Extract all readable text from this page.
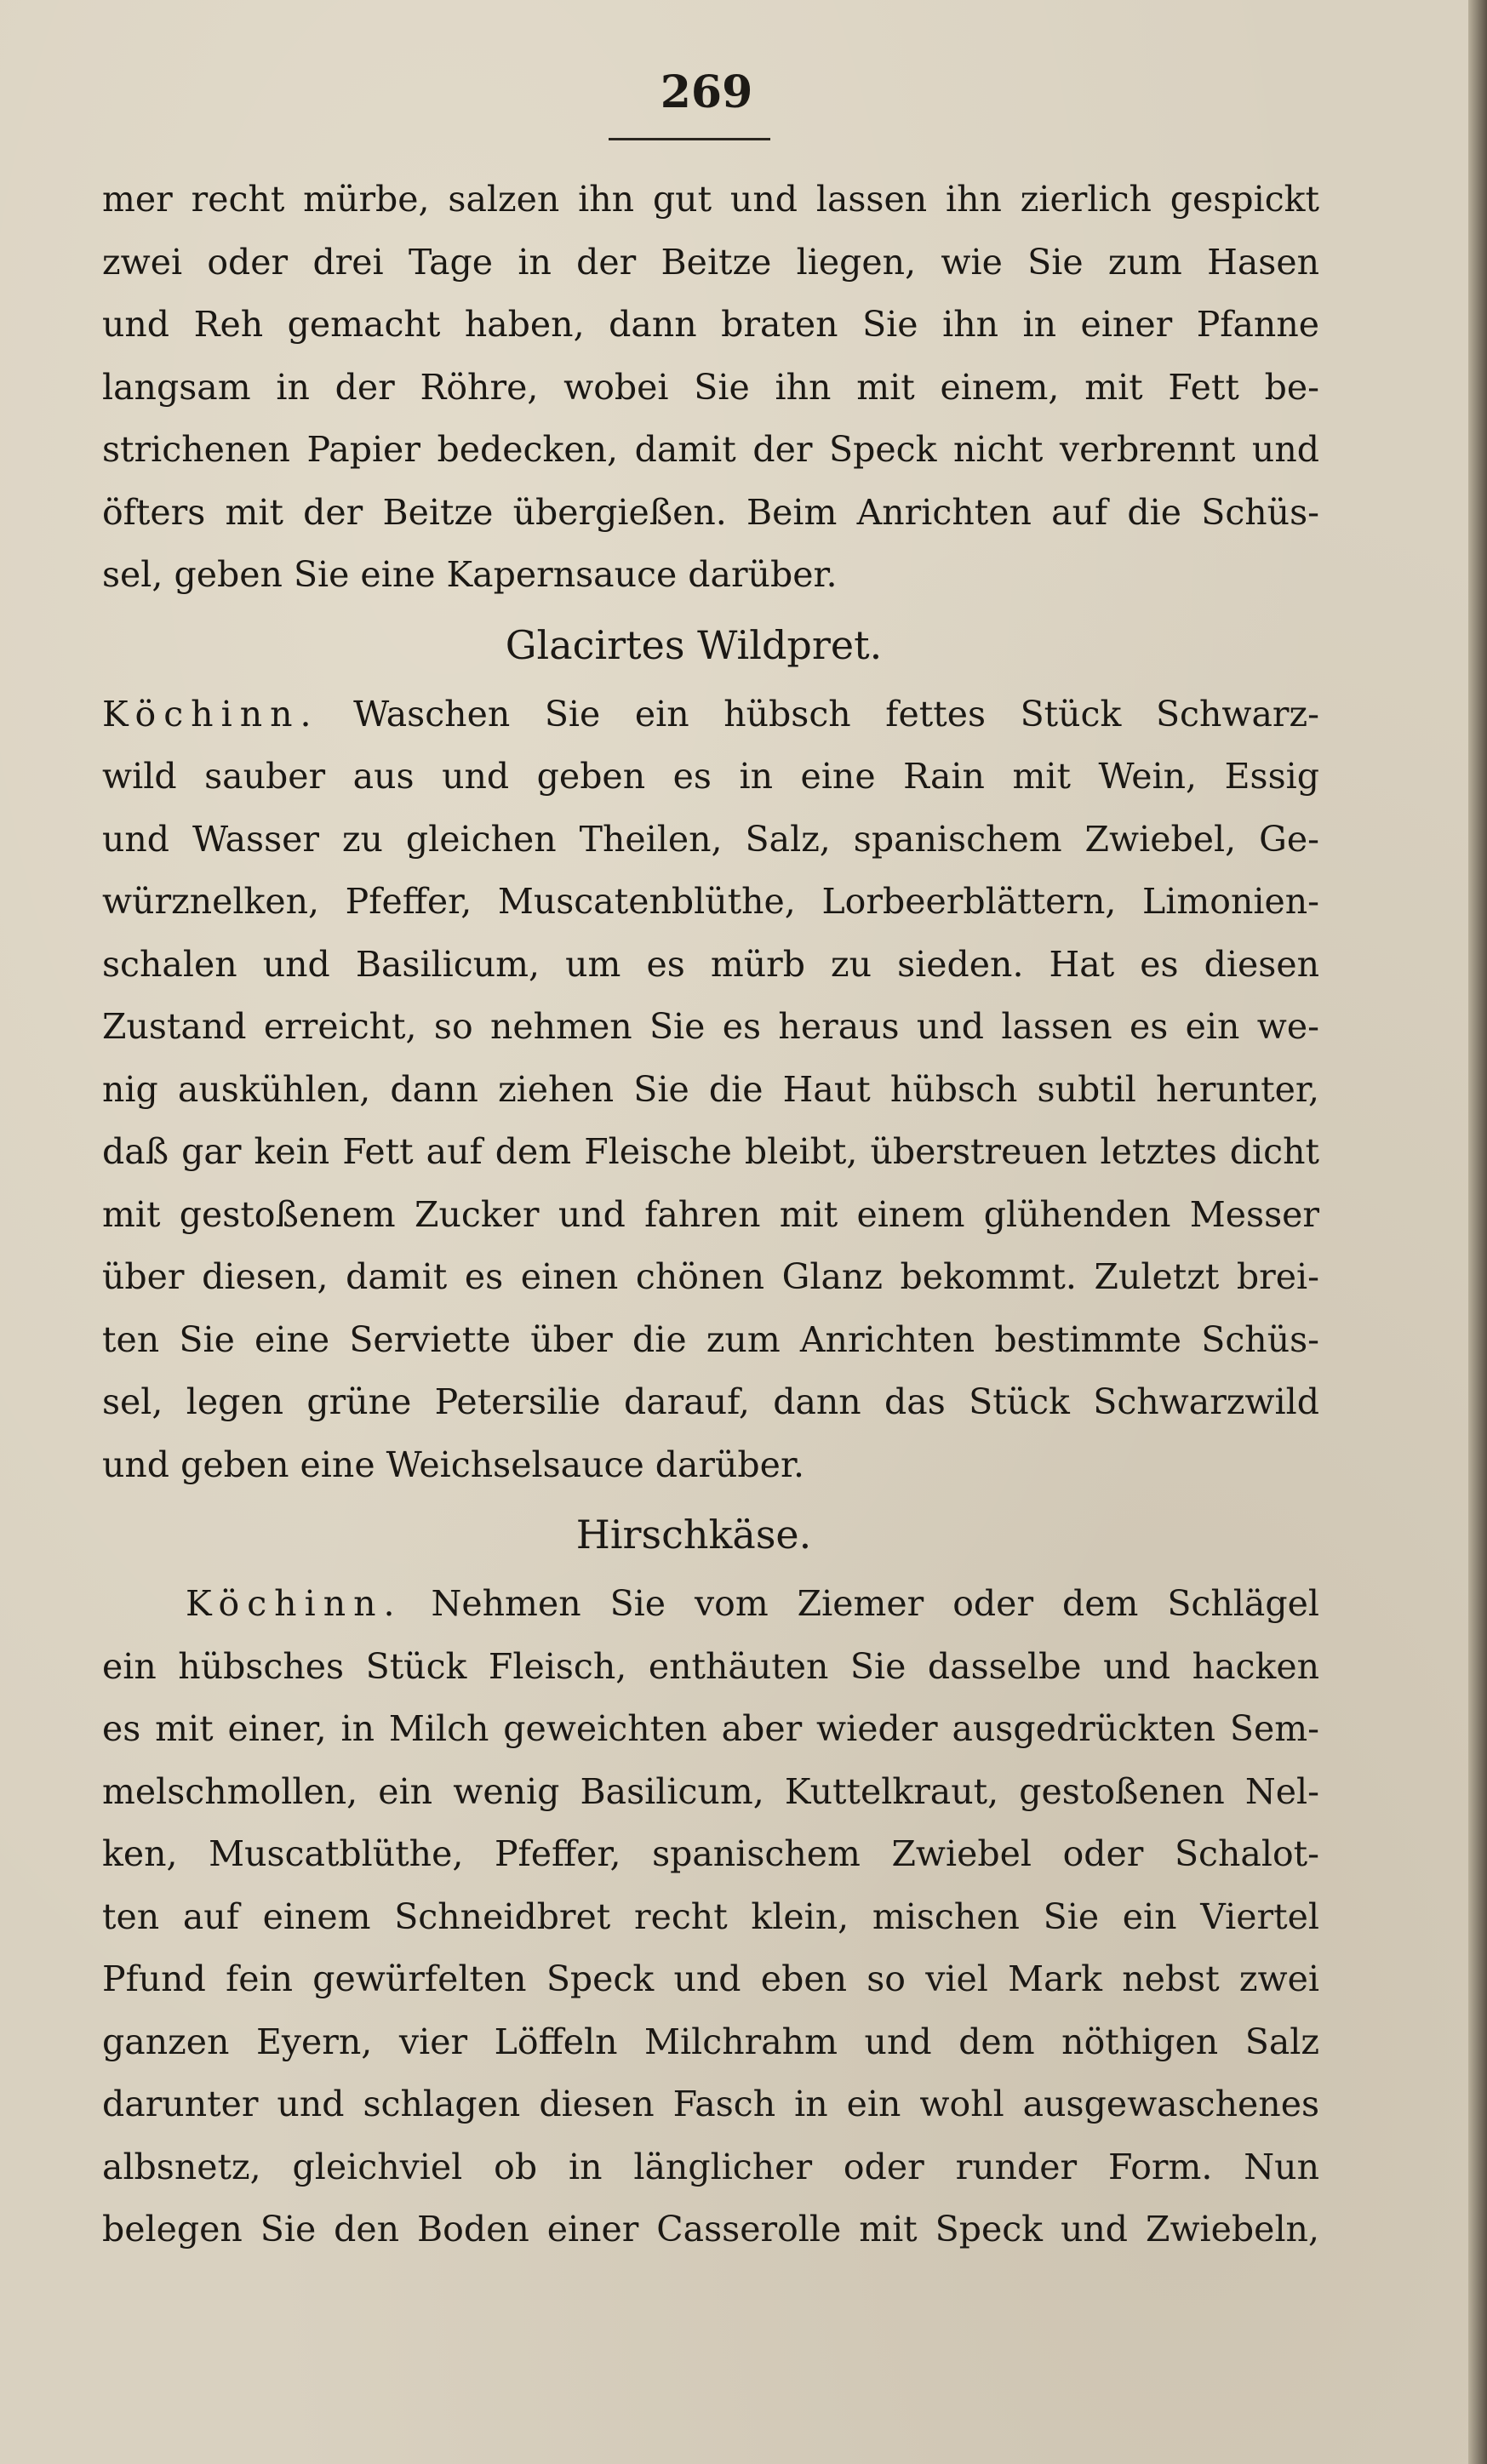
269
mer recht mürbe, salzen ihn gut und lassen ihn zierlich gespickt
zwei oder drei Tage in der Beitze liegen, wie Sie zum Hasen
und Reh gemacht haben, dann braten Sie ihn in einer Pfanne
langsam in der Röhre, wobei Sie ihn mit einem, mit Fett be-
strichenen Papier bedecken, damit der Speck nicht verbrennt und
öfters mit der Beitze übergießen. Beim Anrichten auf die Schüs-
sel, geben Sie eine Kapernsauce darüber.
Glacirtes Wildpret.
Köchinn. Waschen Sie ein hübsch fettes Stück Schwarz-
wild sauber aus und geben es in eine Rain mit Wein, Essig
und Wasser zu gleichen Theilen, Salz, spanischem Zwiebel, Ge-
würznelken, Pfeffer, Muscatenblüthe, Lorbeerblättern, Limonien-
schalen und Basilicum, um es mürb zu sieden. Hat es diesen
Zustand erreicht, so nehmen Sie es heraus und lassen es ein we-
nig auskühlen, dann ziehen Sie die Haut hübsch subtil herunter,
daß gar kein Fett auf dem Fleische bleibt, überstreuen letztes dicht
mit gestoßenem Zucker und fahren mit einem glühenden Messer
über diesen, damit es einen chönen Glanz bekommt. Zuletzt brei-
ten Sie eine Serviette über die zum Anrichten bestimmte Schüs-
sel, legen grüne Petersilie darauf, dann das Stück Schwarzwild
und geben eine Weichselsauce darüber.
Hirschkäse.
Köchinn. Nehmen Sie vom Ziemer oder dem Schlägel
ein hübsches Stück Fleisch, enthäuten Sie dasselbe und hacken
es mit einer, in Milch geweichten aber wieder ausgedrückten Sem-
melschmollen, ein wenig Basilicum, Kuttelkraut, gestoßenen Nel-
ken, Muscatblüthe, Pfeffer, spanischem Zwiebel oder Schalot-
ten auf einem Schneidbret recht klein, mischen Sie ein Viertel
Pfund fein gewürfelten Speck und eben so viel Mark nebst zwei
ganzen Eyern, vier Löffeln Milchrahm und dem nöthigen Salz
darunter und schlagen diesen Fasch in ein wohl ausgewaschenes
albsnetz, gleichviel ob in länglicher oder runder Form. Nun
belegen Sie den Boden einer Casserolle mit Speck und Zwiebeln,
